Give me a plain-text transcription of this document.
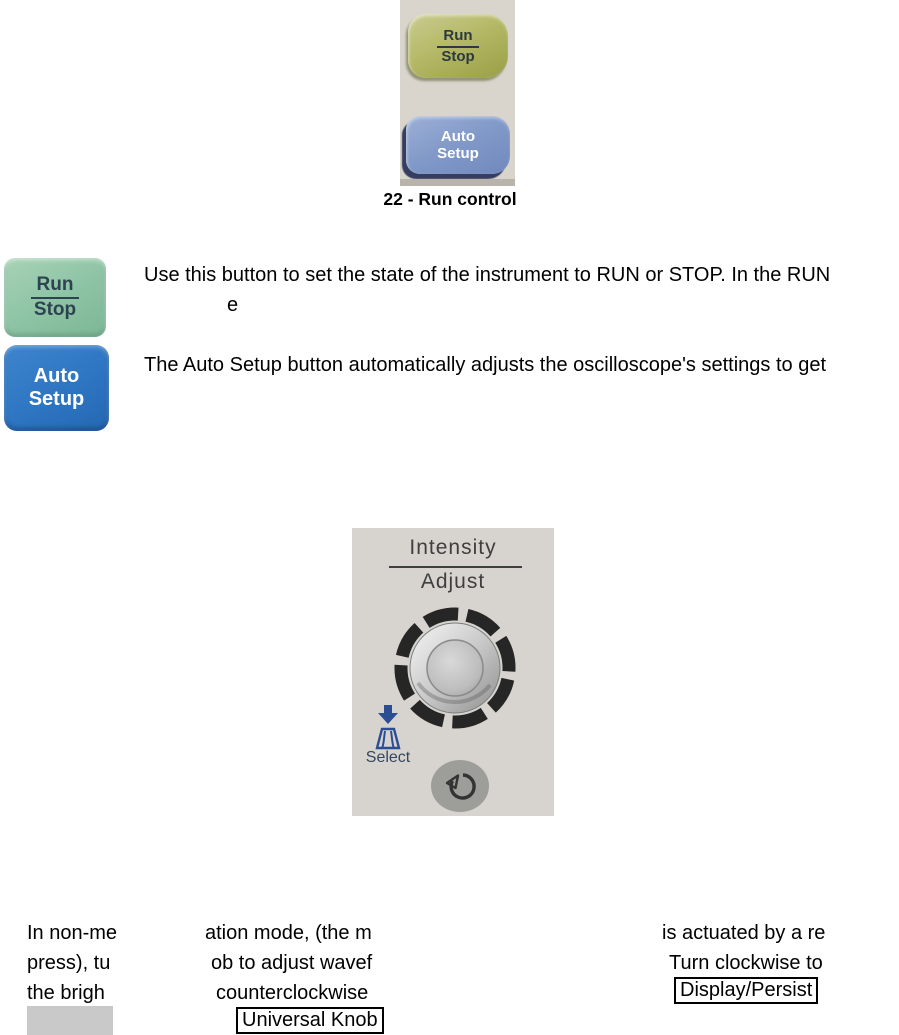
Run
Stop
Auto
Setup
22 - Run control
Run
Stop
Auto
Setup
Use this button to set the state of the instrument to RUN or STOP. In the RUN
e
The Auto Setup button automatically adjusts the oscilloscope's settings to get
Intensity
Adjust
Select
In non-me
press), tu
the brigh
ation mode, (the m
ob to adjust wavef
counterclockwise
Universal Knob
is actuated by a re
Turn clockwise to
Display/Persist
